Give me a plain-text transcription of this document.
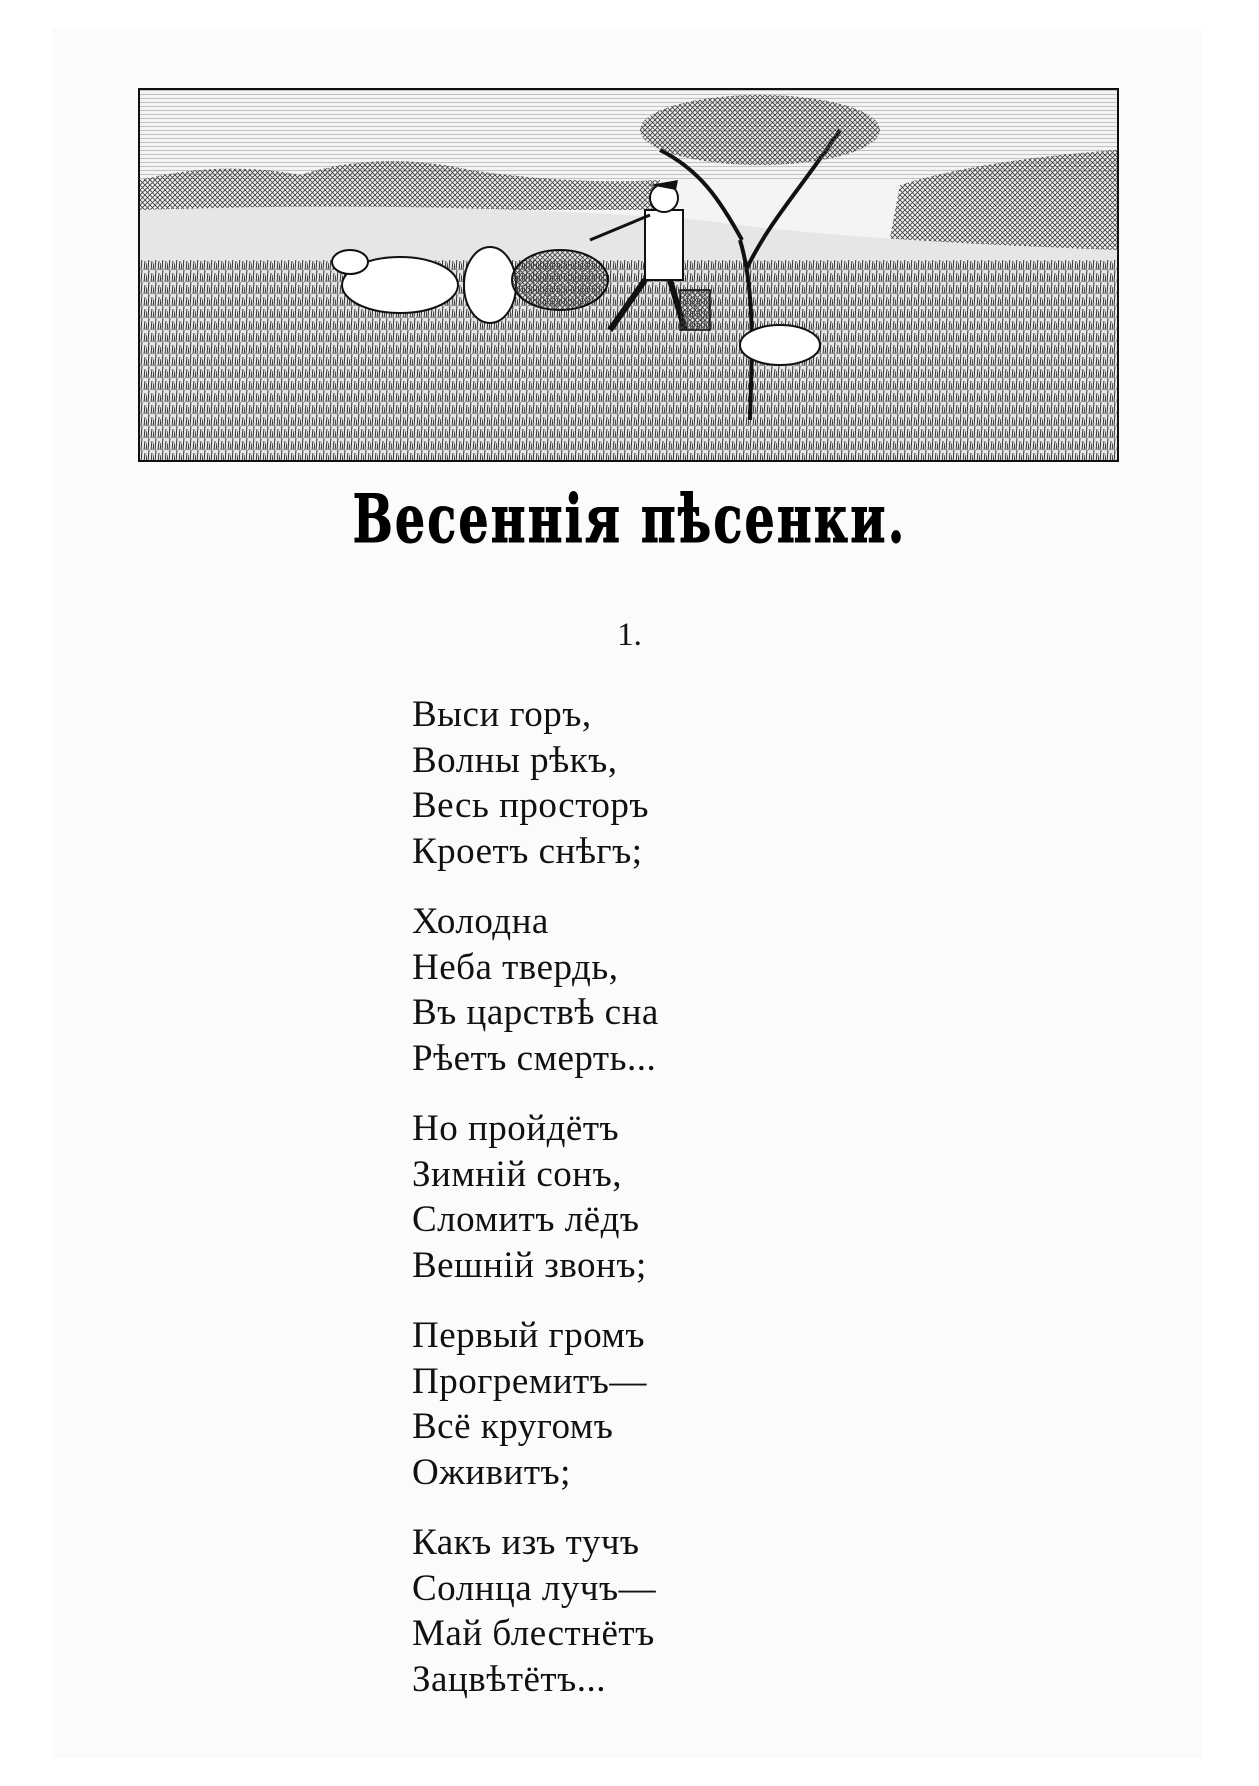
Весеннія пѣсенки.
1.
Выси горъ,
Волны рѣкъ,
Весь просторъ
Кроетъ снѣгъ;
Холодна
Неба твердь,
Въ царствѣ сна
Рѣетъ смерть...
Но пройдётъ
Зимній сонъ,
Сломитъ лёдъ
Вешній звонъ;
Первый громъ
Прогремитъ—
Всё кругомъ
Оживитъ;
Какъ изъ тучъ
Солнца лучъ—
Май блестнётъ
Зацвѣтётъ...
